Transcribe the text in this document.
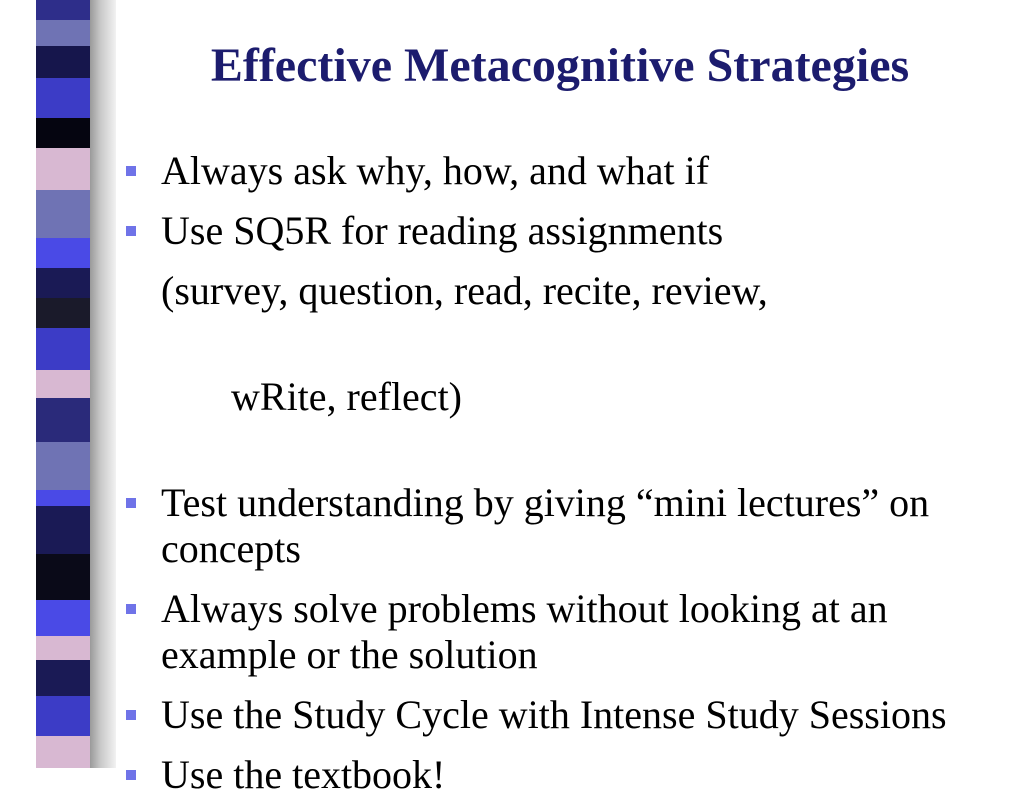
Effective Metacognitive Strategies
Always ask why, how, and what if
Use SQ5R for reading assignments
(survey, question, read, recite, review,

wRite, reflect)

Test understanding by giving “mini lectures” on concepts
Always solve problems without looking at an example or the solution
Use the Study Cycle with Intense Study Sessions
Use the textbook!
